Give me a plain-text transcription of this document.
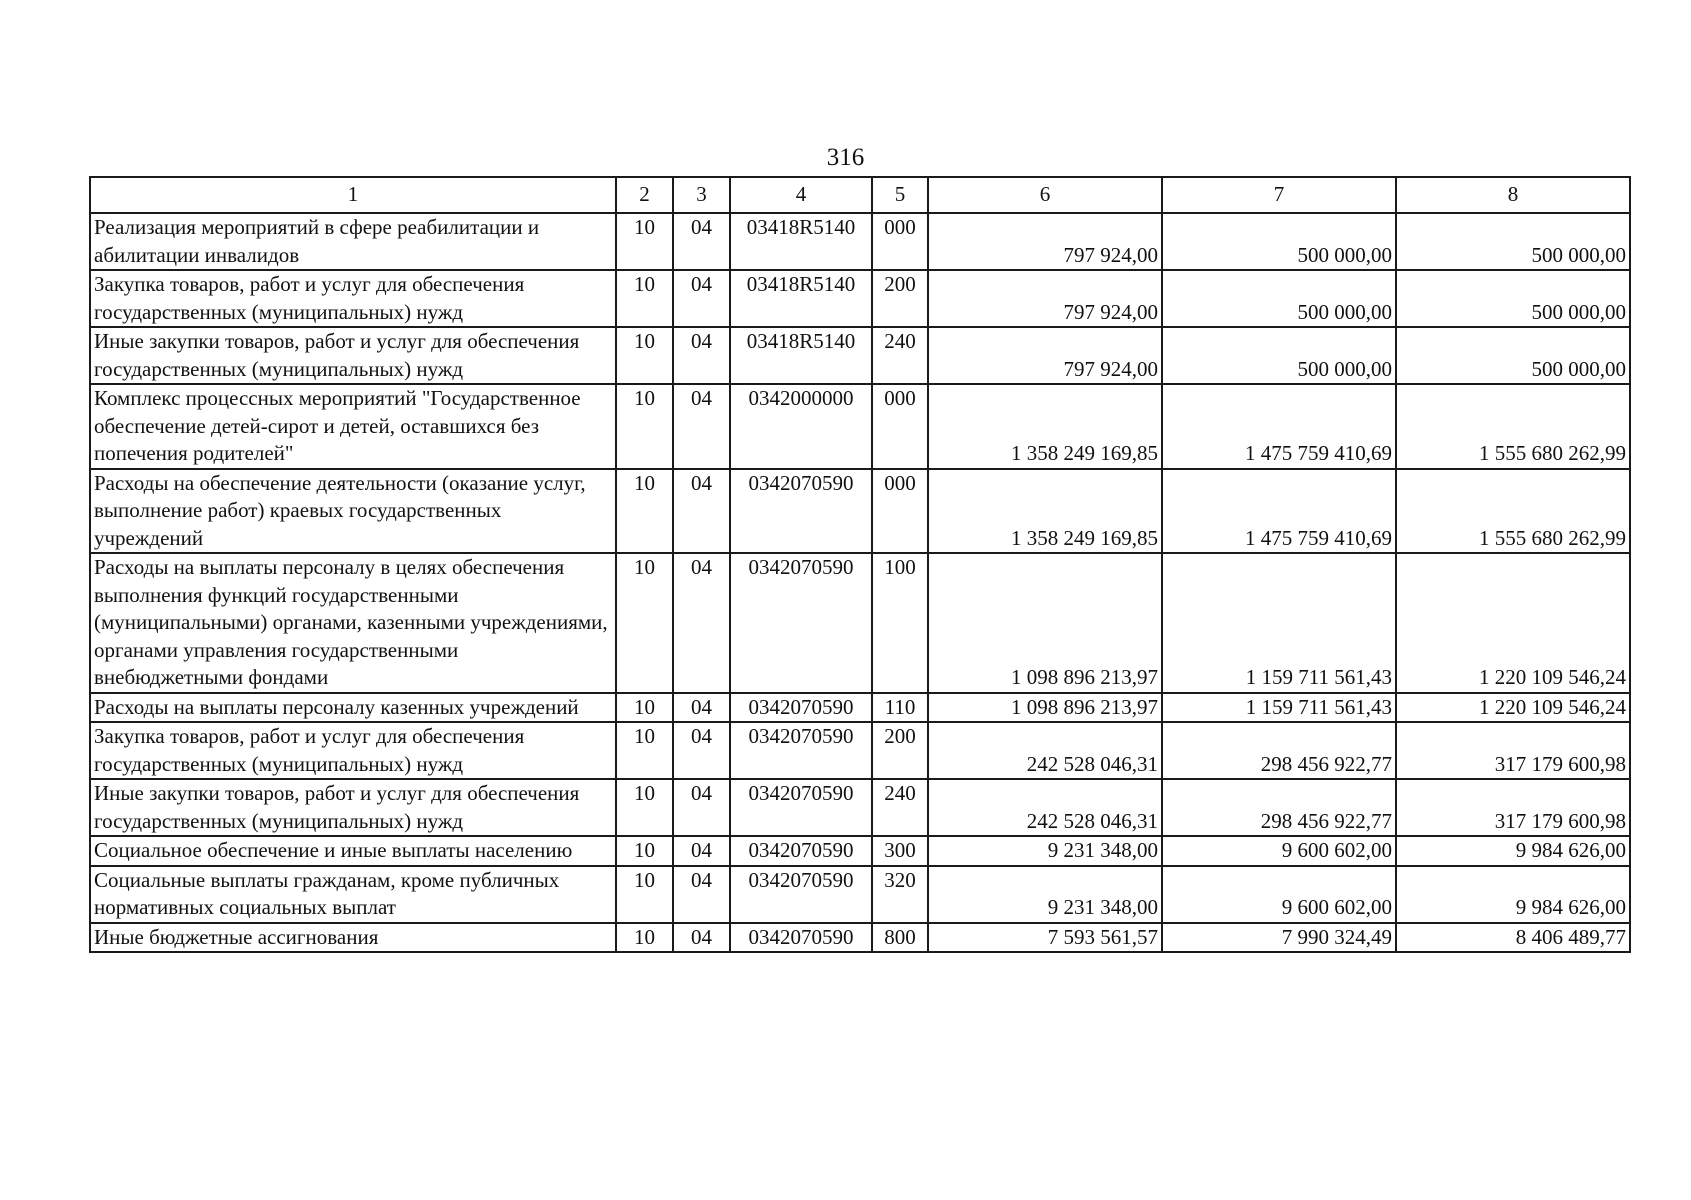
316
1	2	3	4	5	6	7	8
Реализация мероприятий в сфере реабилитации и абилитации инвалидов	10	04	03418R5140	000	797 924,00	500 000,00	500 000,00
Закупка товаров, работ и услуг для обеспечения государственных (муниципальных) нужд	10	04	03418R5140	200	797 924,00	500 000,00	500 000,00
Иные закупки товаров, работ и услуг для обеспечения государственных (муниципальных) нужд	10	04	03418R5140	240	797 924,00	500 000,00	500 000,00
Комплекс процессных мероприятий "Государственное обеспечение детей-сирот и детей, оставшихся без попечения родителей"	10	04	0342000000	000	1 358 249 169,85	1 475 759 410,69	1 555 680 262,99
Расходы на обеспечение деятельности (оказание услуг, выполнение работ) краевых государственных учреждений	10	04	0342070590	000	1 358 249 169,85	1 475 759 410,69	1 555 680 262,99
Расходы на выплаты персоналу в целях обеспечения выполнения функций государственными (муниципальными) органами, казенными учреждениями, органами управления государственными внебюджетными фондами	10	04	0342070590	100	1 098 896 213,97	1 159 711 561,43	1 220 109 546,24
Расходы на выплаты персоналу казенных учреждений	10	04	0342070590	110	1 098 896 213,97	1 159 711 561,43	1 220 109 546,24
Закупка товаров, работ и услуг для обеспечения государственных (муниципальных) нужд	10	04	0342070590	200	242 528 046,31	298 456 922,77	317 179 600,98
Иные закупки товаров, работ и услуг для обеспечения государственных (муниципальных) нужд	10	04	0342070590	240	242 528 046,31	298 456 922,77	317 179 600,98
Социальное обеспечение и иные выплаты населению	10	04	0342070590	300	9 231 348,00	9 600 602,00	9 984 626,00
Социальные выплаты гражданам, кроме публичных нормативных социальных выплат	10	04	0342070590	320	9 231 348,00	9 600 602,00	9 984 626,00
Иные бюджетные ассигнования	10	04	0342070590	800	7 593 561,57	7 990 324,49	8 406 489,77
